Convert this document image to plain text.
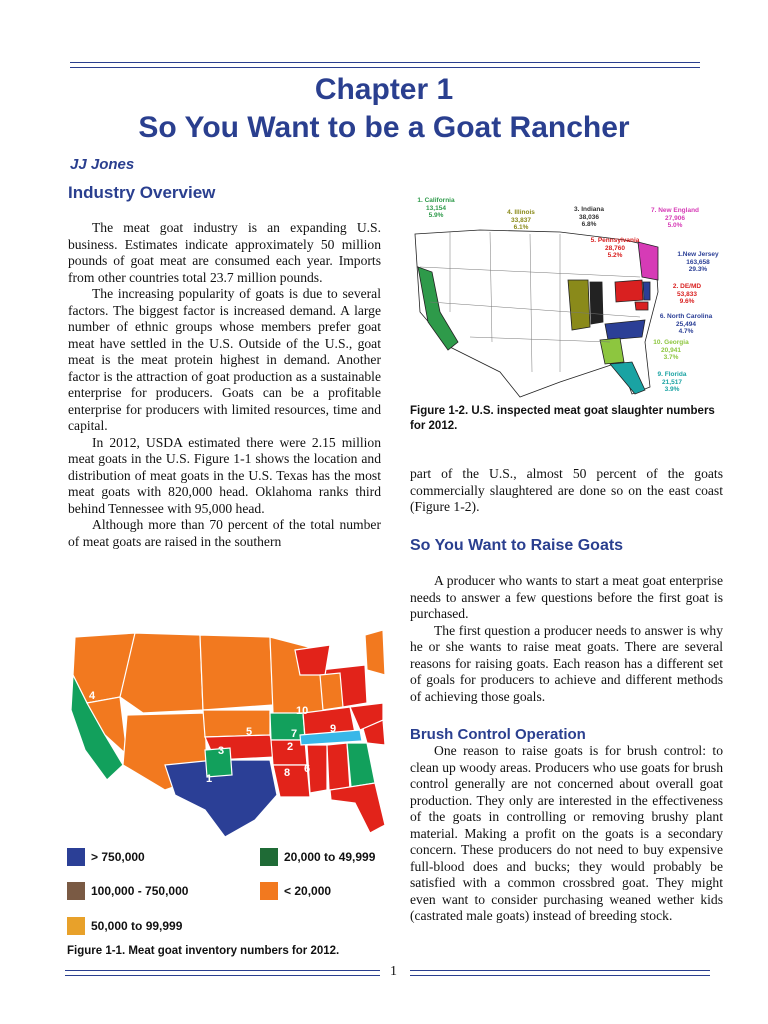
Chapter 1
So You Want to be a Goat Rancher
JJ Jones
Industry Overview

The meat goat industry is an expanding U.S. business. Estimates indicate approximately 50 million pounds of goat meat are consumed each year. Imports from other countries total 23.7 million pounds.

The increasing popularity of goats is due to several factors. The biggest factor is increased demand. A large number of ethnic groups whose members prefer goat meat have settled in the U.S. Outside of the U.S., goat meat is the meat protein highest in demand. Another factor is the attraction of goat production as a sustainable enterprise for producers. Goats can be a profitable enterprise for producers with limited resources, time and capital.

In 2012, USDA estimated there were 2.15 million meat goats in the U.S. Figure 1-1 shows the location and distribution of meat goats in the U.S. Texas has the most meat goats with 820,000 head. Oklahoma ranks third behind Tennessee with 95,000 head.

Although more than 70 percent of the total number of meat goats are raised in the southern

1
2
3
4
5
6
7
8
9
10
> 750,000	20,000 to 49,999
100,000 - 750,000	< 20,000
50,000 to 99,999
Figure 1-1. Meat goat inventory numbers for 2012.
1. California
13,154
5.9%	4. Illinois
33,837
6.1%
3. Indiana
38,036
6.8%
7. New England
27,906
5.0%
5. Pennsylvania
28,760
5.2%	1.New Jersey
163,658
29.3%
2. DE/MD
53,833
9.6%
6. North Carolina
25,494
4.7%
10. Georgia
20,941
3.7%
9. Florida
21,517
3.9%
Figure 1-2. U.S. inspected meat goat slaughter numbers for 2012.
part of the U.S., almost 50 percent of the goats commercially slaughtered are done so on the east coast (Figure 1-2).
So You Want to Raise Goats

A producer who wants to start a meat goat enterprise needs to answer a few questions before the first goat is purchased.

The first question a producer needs to answer is why he or she wants to raise meat goats. There are several reasons for raising goats. Each reason has a different set of goals for producers to achieve and different methods of achieving those goals.

Brush Control Operation

One reason to raise goats is for brush control: to clean up woody areas. Producers who use goats for brush control generally are not concerned about overall goat production. They only are interested in the effectiveness of the goats in controlling or removing brushy plant material. Making a profit on the goats is a secondary concern. These producers do not need to buy expensive full-blood does and bucks; they would probably be satisfied with a common crossbred goat. They might even want to consider purchasing weaned wether kids (castrated male goats) instead of breeding stock.

1
